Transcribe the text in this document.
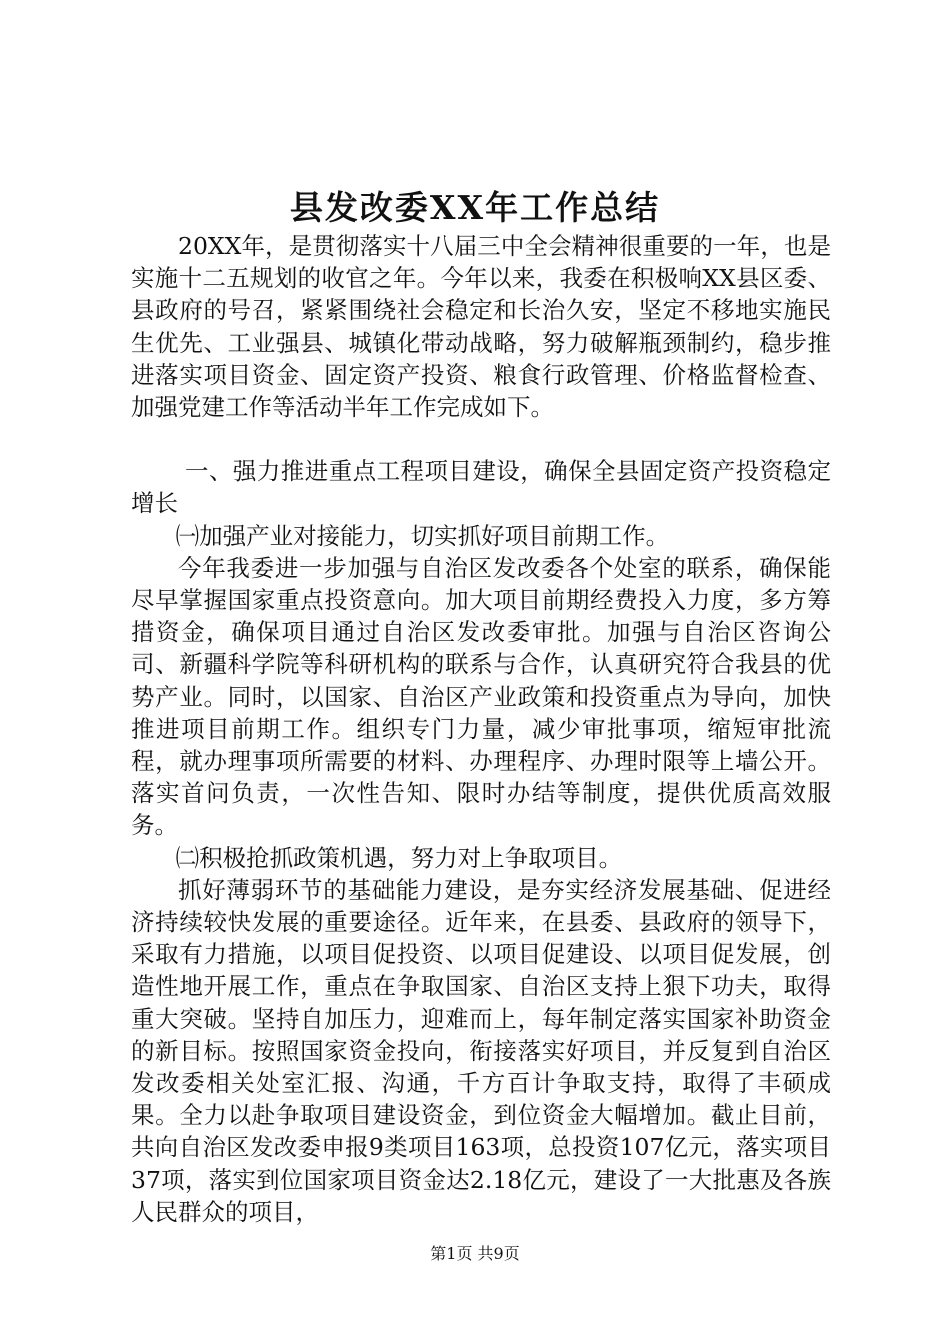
县发改委XX年工作总结

20XX年，是贯彻落实十八届三中全会精神很重要的一年，也是实施十二五规划的收官之年。今年以来，我委在积极响XX县区委、县政府的号召，紧紧围绕社会稳定和长治久安，坚定不移地实施民生优先、工业强县、城镇化带动战略，努力破解瓶颈制约，稳步推进落实项目资金、固定资产投资、粮食行政管理、价格监督检查、加强党建工作等活动半年工作完成如下。

一、强力推进重点工程项目建设，确保全县固定资产投资稳定增长

㈠加强产业对接能力，切实抓好项目前期工作。

今年我委进一步加强与自治区发改委各个处室的联系，确保能尽早掌握国家重点投资意向。加大项目前期经费投入力度，多方筹措资金，确保项目通过自治区发改委审批。加强与自治区咨询公司、新疆科学院等科研机构的联系与合作，认真研究符合我县的优势产业。同时，以国家、自治区产业政策和投资重点为导向，加快推进项目前期工作。组织专门力量，减少审批事项，缩短审批流程，就办理事项所需要的材料、办理程序、办理时限等上墙公开。落实首问负责，一次性告知、限时办结等制度，提供优质高效服务。

㈡积极抢抓政策机遇，努力对上争取项目。

抓好薄弱环节的基础能力建设，是夯实经济发展基础、促进经济持续较快发展的重要途径。近年来，在县委、县政府的领导下，采取有力措施，以项目促投资、以项目促建设、以项目促发展，创造性地开展工作，重点在争取国家、自治区支持上狠下功夫，取得重大突破。坚持自加压力，迎难而上，每年制定落实国家补助资金的新目标。按照国家资金投向，衔接落实好项目，并反复到自治区发改委相关处室汇报、沟通，千方百计争取支持，取得了丰硕成果。全力以赴争取项目建设资金，到位资金大幅增加。截止目前，共向自治区发改委申报9类项目163项，总投资107亿元，落实项目37项，落实到位国家项目资金达2.18亿元，建设了一大批惠及各族人民群众的项目，

第1页 共9页
